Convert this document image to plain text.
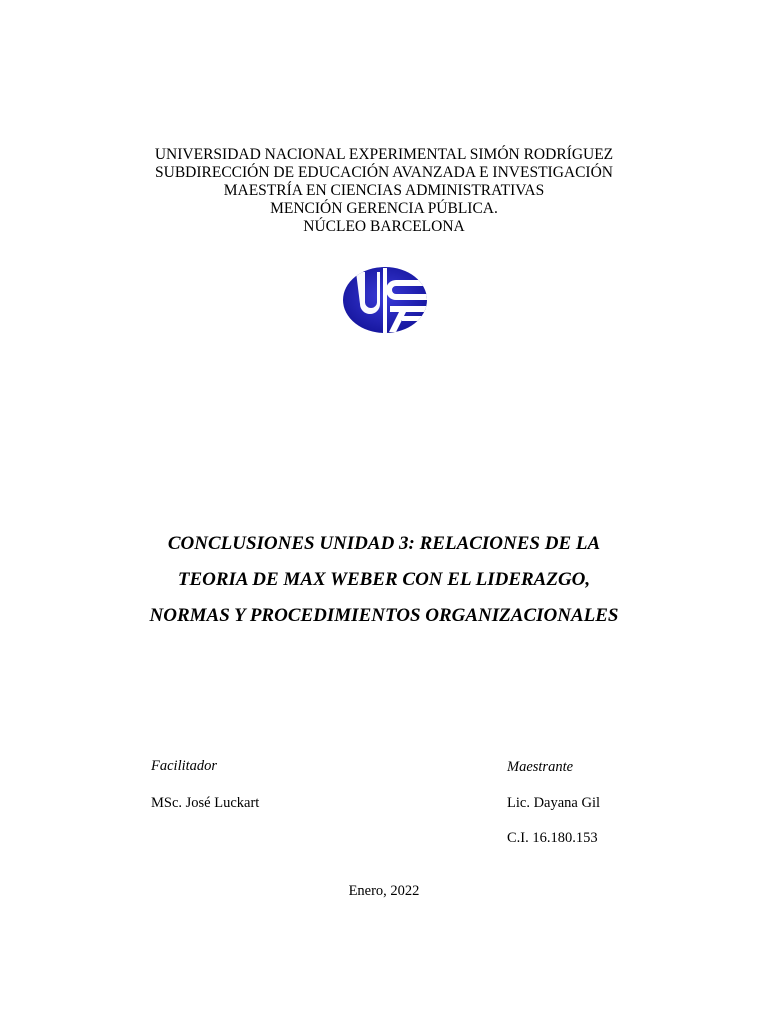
UNIVERSIDAD NACIONAL EXPERIMENTAL SIMÓN RODRÍGUEZ
SUBDIRECCIÓN DE EDUCACIÓN AVANZADA E INVESTIGACIÓN
MAESTRÍA EN CIENCIAS ADMINISTRATIVAS
MENCIÓN GERENCIA PÚBLICA.
NÚCLEO BARCELONA
CONCLUSIONES UNIDAD 3: RELACIONES DE LA
TEORIA DE MAX WEBER CON EL LIDERAZGO,
NORMAS Y PROCEDIMIENTOS ORGANIZACIONALES
Facilitador
MSc. José Luckart
Maestrante
Lic. Dayana Gil
C.I. 16.180.153
Enero, 2022
